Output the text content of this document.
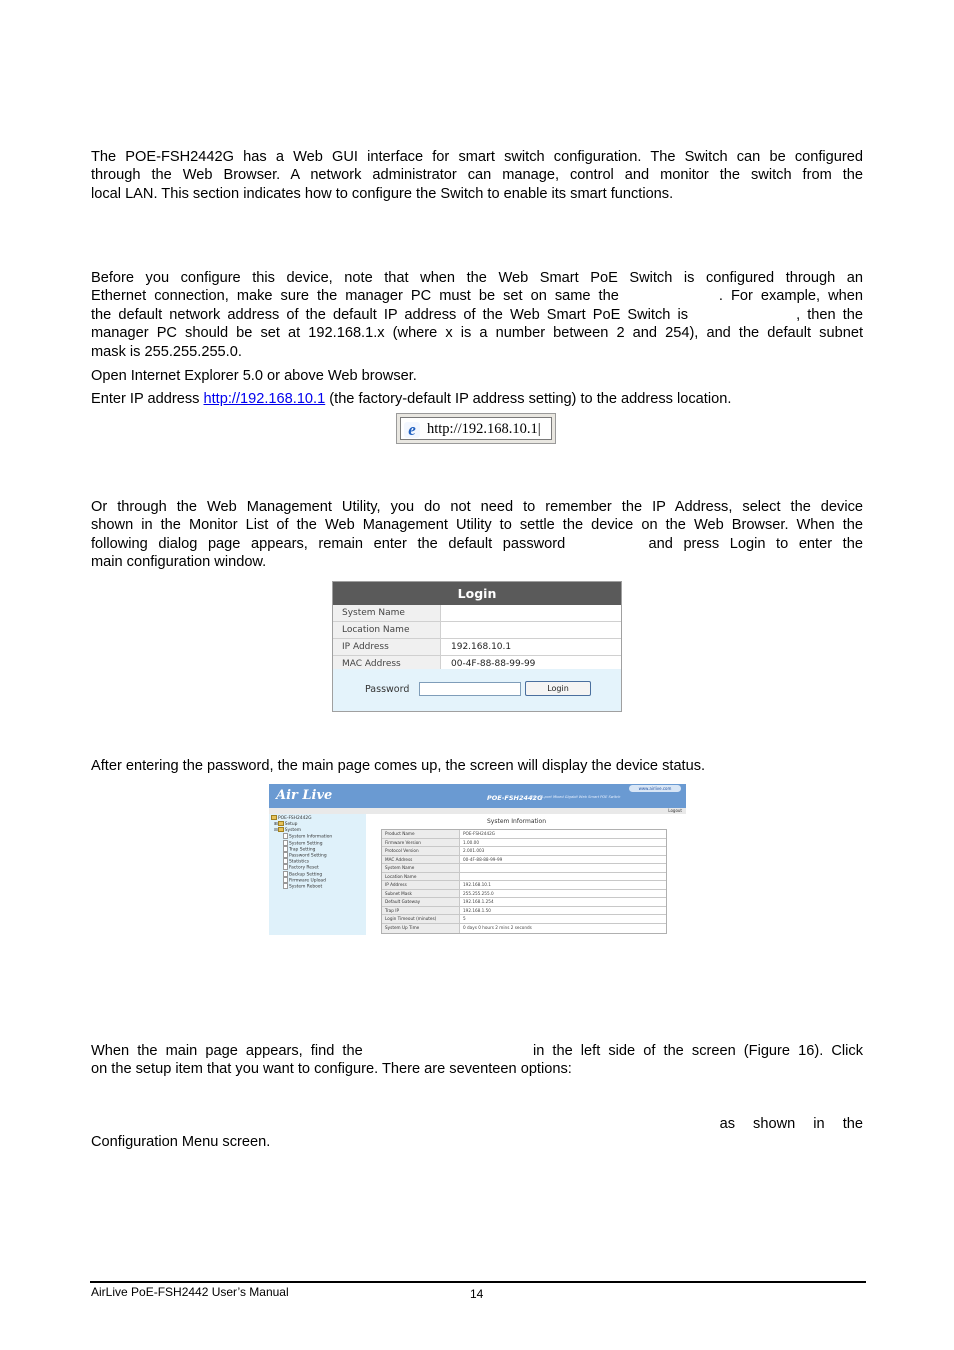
The POE-FSH2442G has a Web GUI interface for smart switch configuration. The Switch can be configured
through the Web Browser. A network administrator can manage, control and monitor the switch from the
local LAN. This section indicates how to configure the Switch to enable its smart functions.
Before you configure this device, note that when the Web Smart PoE Switch is configured through an
Ethernet connection, make sure the manager PC must be set on same the	. For example, when
the default network address of the default IP address of the Web Smart PoE Switch is	, then the
manager PC should be set at 192.168.1.x (where x is a number between 2 and 254), and the default subnet
mask is 255.255.255.0.

Open Internet Explorer 5.0 or above Web browser.

Enter IP address http://192.168.10.1 (the factory-default IP address setting) to the address location.

e http://192.168.10.1|
Or through the Web Management Utility, you do not need to remember the IP Address, select the device
shown in the Monitor List of the Web Management Utility to settle the device on the Web Browser. When the
following dialog page appears, remain enter the default password	and press Login to enter the
main configuration window.
Login
System Name
Location Name
IP Address	192.168.10.1
MAC Address	00-4F-88-88-99-99
Password	Login

After entering the password, the main page comes up, the screen will display the device status.

Air Live	www.airlive.com
POE-FSH2442G
24 + 4-port Mixed Gigabit Web Smart POE Switch
Logout
POE-FSH2442G
⊞ Setup
⊟ System
System Information
System Setting
Trap Setting
Password Setting
Statistics
Factory Reset
Backup Setting
Firmware Upload
System Reboot
System Information
Product Name	POE-FSH2442G
Firmware Version	1.00.00
Protocol Version	2.001.003
MAC Address	00-4F-88-88-99-99
System Name
Location Name
IP Address	192.168.10.1
Subnet Mask	255.255.255.0
Default Gateway	192.168.1.254
Trap IP	192.168.1.50
Login Timeout (minutes)	5
System Up Time	0 days 0 hours 2 mins 2 seconds
When the main page appears, find the	in the left side of the screen (Figure 16). Click
on the setup item that you want to configure. There are seventeen options:
as shown in the
Configuration Menu screen.
AirLive PoE-FSH2442 User’s Manual	14
